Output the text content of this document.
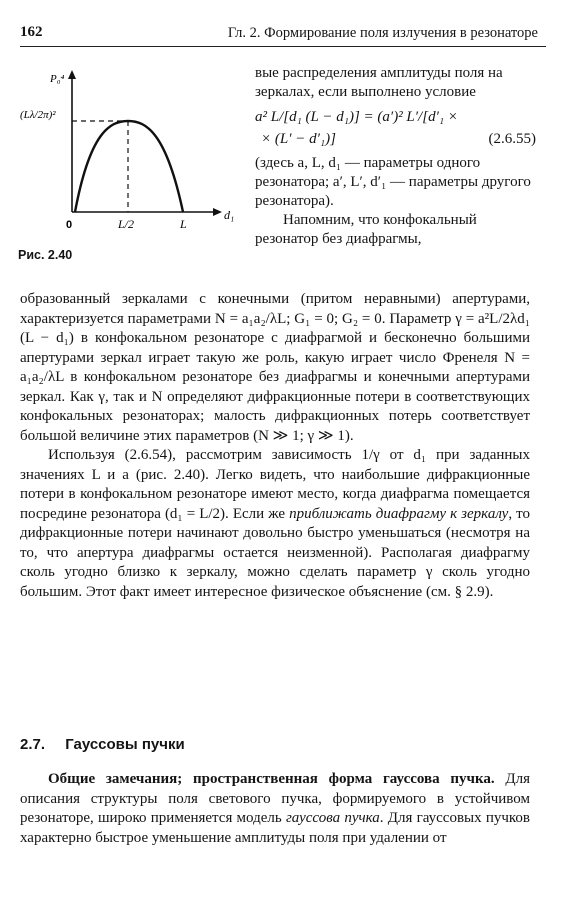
162	Гл. 2. Формирование поля излучения в резонаторе
P₀⁴
(Lλ/2π)²
d₁
0	L/2	L
Рис. 2.40

вые распределения амплитуды поля на зеркалах, если выполнено условие

a² L/[d₁ (L − d₁)] = (a′)² L′/[d′₁ ×
× (L′ − d′₁)]	(2.6.55)

(здесь a, L, d₁ — параметры одного резонатора; a′, L′, d′₁ — параметры другого резонатора).

Напомним, что конфокальный резонатор без диафрагмы,

образованный зеркалами с конечными (притом неравными) апертурами, характеризуется параметрами N = a₁a₂/λL; G₁ = 0; G₂ = 0. Параметр γ = a²L/2λd₁ (L − d₁) в конфокальном резонаторе с диафрагмой и бесконечно большими апертурами зеркал играет такую же роль, какую играет число Френеля N = a₁a₂/λL в конфокальном резонаторе без диафрагмы и конечными апертурами зеркал. Как γ, так и N определяют дифракционные потери в соответствующих конфокальных резонаторах; малость дифракционных потерь соответствует большой величине этих параметров (N ≫ 1; γ ≫ 1).

Используя (2.6.54), рассмотрим зависимость 1/γ от d₁ при заданных значениях L и a (рис. 2.40). Легко видеть, что наибольшие дифракционные потери в конфокальном резонаторе имеют место, когда диафрагма помещается посредине резонатора (d₁ = L/2). Если же приближать диафрагму к зеркалу, то дифракционные потери начинают довольно быстро уменьшаться (несмотря на то, что апертура диафрагмы остается неизменной). Располагая диафрагму сколь угодно близко к зеркалу, можно сделать параметр γ сколь угодно большим. Этот факт имеет интересное физическое объяснение (см. § 2.9).

2.7. Гауссовы пучки

Общие замечания; пространственная форма гауссова пучка. Для описания структуры поля светового пучка, формируемого в устойчивом резонаторе, широко применяется модель гауссова пучка. Для гауссовых пучков характерно быстрое уменьшение амплитуды поля при удалении от
